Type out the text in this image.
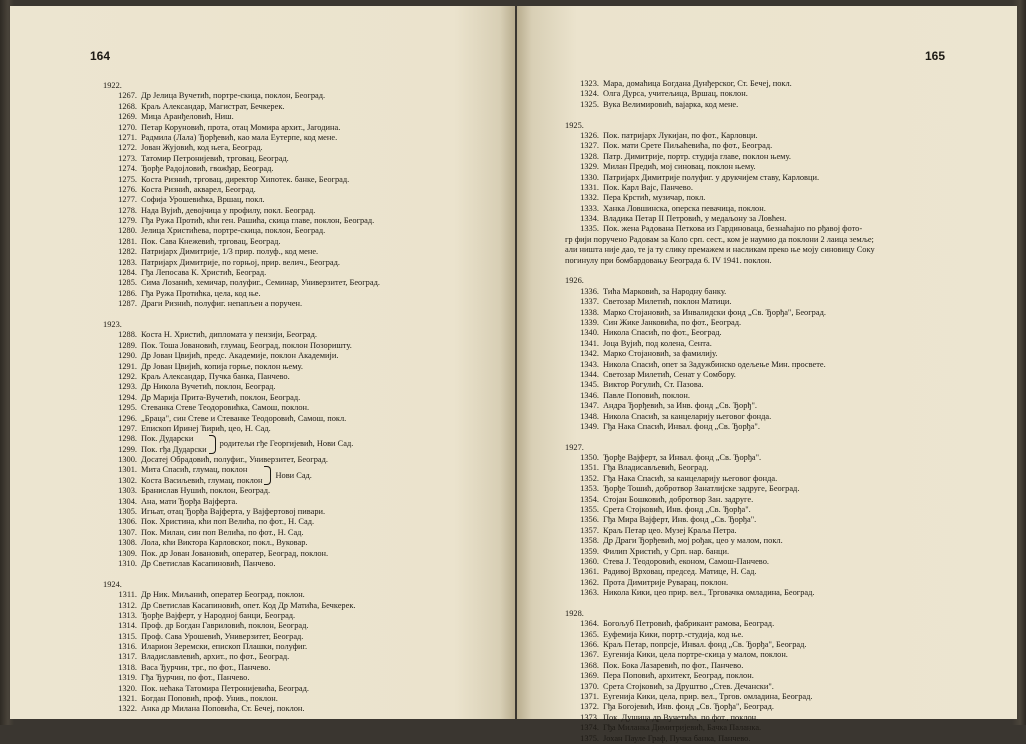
164
1922.
1267. Др Јелица Вучетић, портре-скица, поклон, Београд.
1268. Краљ Александар, Магистрат, Бечкерек.
1269. Мица Аранђеловић, Ниш.
1270. Петар Коруновић, прота, отац Момира архит., Јагодина.
1271. Радмила (Лала) Ђорђевић, као мала Еутерпе, код мене.
1272. Јован Жујовић, код њега, Београд.
1273. Татомир Петронијевић, трговац, Београд.
1274. Ђорђе Радојловић, гвожђар, Београд.
1275. Коста Ризнић, трговац, директор Хипотек. банке, Београд.
1276. Коста Ризнић, акварел, Београд.
1277. Софија Урошевићка, Вршац, покл.
1278. Нада Вујић, девојчица у профилу, покл. Београд.
1279. Гђа Ружа Протић, кћи ген. Рашића, скица главе, поклон, Београд.
1280. Јелица Христићева, портре-скица, поклон, Београд.
1281. Пок. Сава Кнежевић, трговац, Београд.
1282. Патријарх Димитрије, 1/3 прир. полуф., код мене.
1283. Патријарх Димитрије, по горњој, прир. велич., Београд.
1284. Гђа Лепосава К. Христић, Београд.
1285. Сима Лозанић, хемичар, полуфиг., Семинар, Универзитет, Београд.
1286. Гђа Ружа Протићка, цела, код ње.
1287. Драги Ризнић, полуфиг. непапљен а поручен.
1923.
1288. Коста Н. Христић, дипломата у пензији, Београд.
1289. Пок. Тоша Јовановић, глумац, Београд, поклон Позоришту.
1290. Др Јован Цвијић, предс. Академије, поклон Академији.
1291. Др Јован Цвијић, копија горње, поклон њему.
1292. Краљ Александар, Пучка банка, Панчево.
1293. Др Никола Вучетић, поклон, Београд.
1294. Др Марија Прита-Вучетић, поклон, Београд.
1295. Стеванка Стеве Теодоровићка, Самош, поклон.
1296. „Браца", син Стеве и Стеванке Теодоровић, Самош, покл.
1297. Епископ Иринеј Ћирић, цео, Н. Сад.
1298. Пок. Дударски
1299. Пок. гђа Дударски
родитељи гђе Георгијевић, Нови Сад.
1300. Досатеј Обрадовић, полуфиг., Универзитет, Београд.
1301. Мита Спасић, глумац, поклон
1302. Коста Васиљевић, глумац, поклон
Нови Сад.
1303. Бранислав Нушић, поклон, Београд.
1304. Ана, мати Ђорђа Вајферта.
1305. Игњат, отац Ђорђа Вајферта, у Вајфертовој пивари.
1306. Пок. Христина, кћи поп Велића, по фот., Н. Сад.
1307. Пок. Милан, син поп Велића, по фот., Н. Сад.
1308. Лола, кћи Виктора Карловског, покл., Вуковар.
1309. Пок. др Јован Јовановић, оператер, Београд, поклон.
1310. Др Светислав Касапиновић, Панчево.
1924.
1311. Др Ник. Миљанић, оператер Београд, поклон.
1312. Др Светислав Касапиновић, опет. Код Др Матића, Бечкерек.
1313. Ђорђе Вајферт, у Народној банци, Београд.
1314. Проф. др Богдан Гавриловић, поклон, Београд.
1315. Проф. Сава Урошевић, Универзитет, Београд.
1316. Иларион Зеремски, епископ Плашки, полуфиг.
1317. Владиславлевић, архит., по фот., Београд.
1318. Васа Ђурчин, трг., по фот., Панчево.
1319. Гђа Ђурчин, по фот., Панчево.
1320. Пок. нећака Татомира Петронијевића, Београд.
1321. Богдан Поповић, проф. Унив., поклон.
1322. Анка др Милана Поповића, Ст. Бечеј, поклон.
165
1323. Мара, домаћица Богдана Дунђерског, Ст. Бечеј, покл.
1324. Олга Дурса, учитељица, Вршац, поклон.
1325. Вука Велимировић, вајарка, код мене.
1925.
1326. Пок. патријарх Лукијан, по фот., Карловци.
1327. Пок. мати Срете Пиљаћевића, по фот., Београд.
1328. Патр. Димитрије, портр. студија главе, поклон њему.
1329. Милан Предић, мој синовац, поклон њему.
1330. Патријарх Димитрије полуфиг. у друкчијем ставу, Карловци.
1331. Пок. Карл Вајс, Панчево.
1332. Пера Крстић, музичар, покл.
1333. Ханка Ловшинска, оперска певачица, поклон.
1334. Владика Петар II Петровић, у медаљону за Ловћен.
1335. Пок. жена Радована Петкова из Гардиноваца, безнаћајно по рђавој фото-
гр фији поручено Радовам за Коло срп. сест., ком је наумио да поклони 2 лаица земље;
али ништа није дао, те ја ту слику премажем и насликам преко ње мојy синовицу Соку
погинулу при бомбардовању Београда 6. IV 1941. поклон.
1926.
1336. Тића Марковић, за Народну банку.
1337. Светозар Милетић, поклон Матици.
1338. Марко Стојановић, за Инвалидски фонд „Св. Ђорђа", Београд.
1339. Син Жике Јанковића, по фот., Београд.
1340. Никола Спасић, по фот., Београд.
1341. Јоца Вујић, под колена, Сента.
1342. Марко Стојановић, за фамилију.
1343. Никола Спасић, опет за Задужбинско одељење Мин. просвете.
1344. Светозар Милетић, Сенат у Сомбору.
1345. Виктор Рогулић, Ст. Пазова.
1346. Павле Поповић, поклон.
1347. Андра Ђорђевић, за Инв. фонд „Св. Ђорђ".
1348. Никола Спасић, за канцеларију његовог фонда.
1349. Гђа Нака Спасић, Инвал. фонд „Св. Ђорђа".
1927.
1350. Ђорђе Вајферт, за Инвал. фонд „Св. Ђорђа".
1351. Гђа Владисављевић, Београд.
1352. Гђа Нака Спасић, за канцеларију његовог фонда.
1353. Ђорђе Тошић, добротвор Занатлијске задруге, Београд.
1354. Стојан Бошковић, добротвор Зан. задруге.
1355. Срета Стојковић, Инв. фонд „Св. Ђорђа".
1356. Гђа Мира Вајферт, Инв. фонд „Св. Ђорђа".
1357. Краљ Петар цео. Музеј Краља Петра.
1358. Др Драги Ђорђевић, мој рођак, цео у малом, покл.
1359. Филип Христић, у Срп. нар. банци.
1360. Стева Ј. Теодоровић, економ, Самош-Панчево.
1361. Радивој Врховац, председ. Матице, Н. Сад.
1362. Прота Димитрије Руварац, поклон.
1363. Никола Кики, цео прир. вел., Трговачка омладина, Београд.
1928.
1364. Богољуб Петровић, фабрикант рамова, Београд.
1365. Еуфемија Кики, портр.-студија, код ње.
1366. Краљ Петар, попрсје, Инвал. фонд „Св. Ђорђа", Београд.
1367. Еугенија Кики, цела портре-скица у малом, поклон.
1368. Пок. Бока Лазаревић, по фот., Панчево.
1369. Пера Поповић, архитект, Београд, поклон.
1370. Срета Стојковић, за Друштво „Стев. Дечански".
1371. Еугенија Кики, цела, прир. вел., Тргов. омладина, Београд.
1372. Гђа Богојевић, Инв. фонд „Св. Ђорђа", Београд.
1373. Пок. Душица др Вучетића, по фот., поклон.
1374. Гђа Миланка Димитријевић, Бачка Паланка.
1375. Јохан Пауле Граф, Пучка банка, Панчево.
